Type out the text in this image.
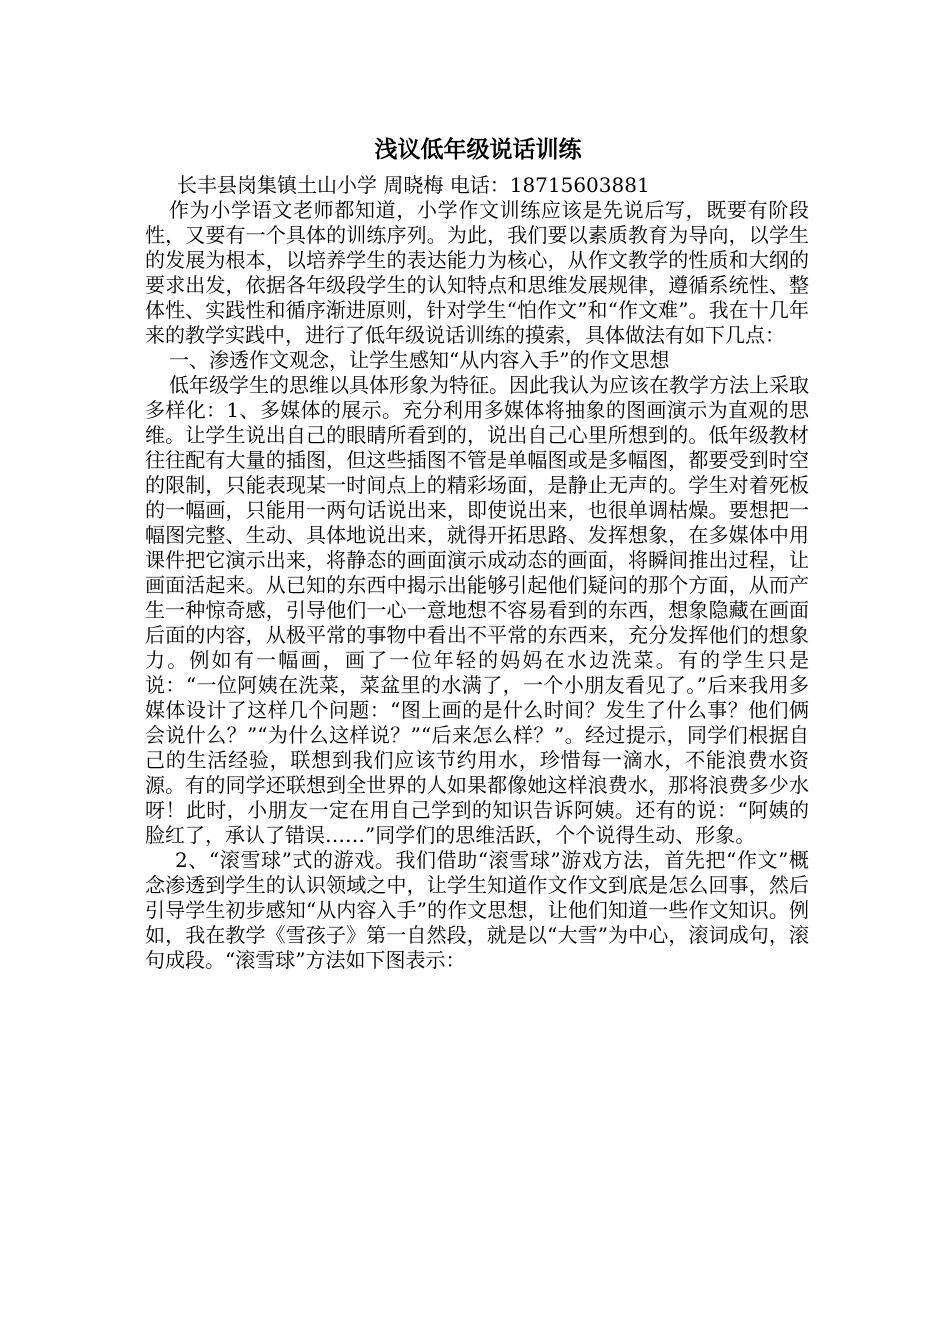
浅议低年级说话训练

长丰县岗集镇土山小学 周晓梅 电话：18715603881

作为小学语文老师都知道，小学作文训练应该是先说后写，既要有阶段性，又要有一个具体的训练序列。为此，我们要以素质教育为导向，以学生的发展为根本，以培养学生的表达能力为核心，从作文教学的性质和大纲的要求出发，依据各年级段学生的认知特点和思维发展规律，遵循系统性、整体性、实践性和循序渐进原则，针对学生“怕作文”和“作文难”。我在十几年来的教学实践中，进行了低年级说话训练的摸索，具体做法有如下几点：

一、渗透作文观念，让学生感知“从内容入手”的作文思想

低年级学生的思维以具体形象为特征。因此我认为应该在教学方法上采取多样化：1、多媒体的展示。充分利用多媒体将抽象的图画演示为直观的思维。让学生说出自己的眼睛所看到的，说出自己心里所想到的。低年级教材往往配有大量的插图，但这些插图不管是单幅图或是多幅图，都要受到时空的限制，只能表现某一时间点上的精彩场面，是静止无声的。学生对着死板的一幅画，只能用一两句话说出来，即使说出来，也很单调枯燥。要想把一幅图完整、生动、具体地说出来，就得开拓思路、发挥想象，在多媒体中用课件把它演示出来，将静态的画面演示成动态的画面，将瞬间推出过程，让画面活起来。从已知的东西中揭示出能够引起他们疑问的那个方面，从而产生一种惊奇感，引导他们一心一意地想不容易看到的东西，想象隐藏在画面后面的内容，从极平常的事物中看出不平常的东西来，充分发挥他们的想象力。例如有一幅画，画了一位年轻的妈妈在水边洗菜。有的学生只是说：“一位阿姨在洗菜，菜盆里的水满了，一个小朋友看见了。”后来我用多媒体设计了这样几个问题：“图上画的是什么时间？发生了什么事？他们俩会说什么？”“为什么这样说？”“后来怎么样？”。经过提示，同学们根据自己的生活经验，联想到我们应该节约用水，珍惜每一滴水，不能浪费水资源。有的同学还联想到全世界的人如果都像她这样浪费水，那将浪费多少水呀！此时，小朋友一定在用自己学到的知识告诉阿姨。还有的说：“阿姨的脸红了，承认了错误……”同学们的思维活跃，个个说得生动、形象。

2、“滚雪球”式的游戏。我们借助“滚雪球”游戏方法，首先把“作文”概念渗透到学生的认识领域之中，让学生知道作文作文到底是怎么回事，然后引导学生初步感知“从内容入手”的作文思想，让他们知道一些作文知识。例如，我在教学《雪孩子》第一自然段，就是以“大雪”为中心，滚词成句，滚句成段。“滚雪球”方法如下图表示：
